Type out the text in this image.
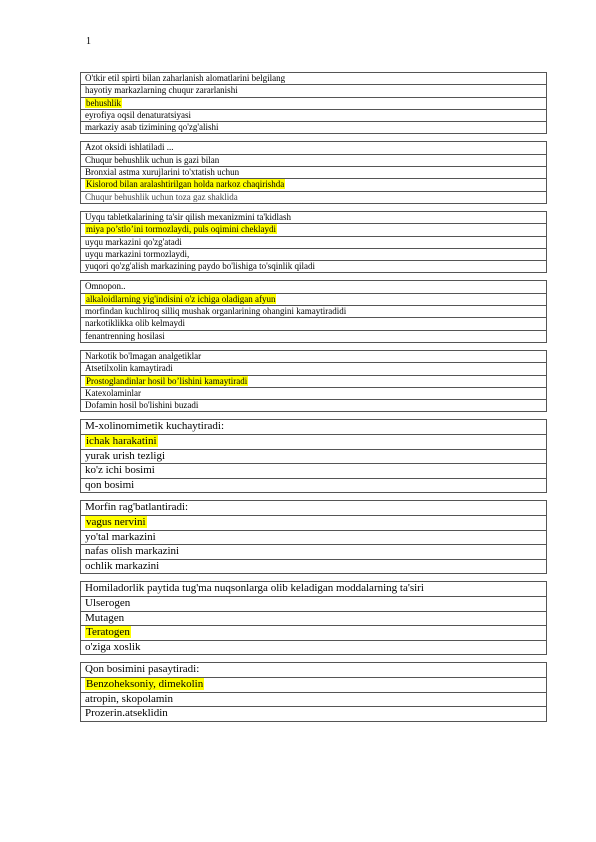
1
O'tkir etil spirti bilan zaharlanish alomatlarini belgilang
hayotiy markazlarning chuqur zararlanishi
behushlik
eyrofiya oqsil denaturatsiyasi
markaziy asab tizimining qo'zg'alishi
Azot oksidi ishlatiladi ...
Chuqur behushlik uchun is gazi bilan
Bronxial astma xurujlarini to'xtatish uchun
Kislorod bilan aralashtirilgan holda narkoz chaqirishda
Chuqur behushlik uchun toza gaz shaklida
Uyqu tabletkalarining ta'sir qilish mexanizmini ta'kidlash
miya po’stlo’ini tormozlaydi, puls oqimini cheklaydi
uyqu markazini qo'zg'atadi
uyqu markazini tormozlaydi,
yuqori qo'zg'alish markazining paydo bo'lishiga to'sqinlik qiladi
Omnopon..
alkaloidlarning yig'indisini o'z ichiga oladigan afyun
morfindan kuchliroq silliq mushak organlarining ohangini kamaytiradidi
narkotiklikka olib kelmaydi
fenantrenning hosilasi
Narkotik bo'lmagan analgetiklar
Atsetilxolin kamaytiradi
Prostoglandinlar hosil bo’lishini kamaytiradi
Katexolaminlar
Dofamin hosil bo'lishini buzadi
M-xolinomimetik kuchaytiradi:
ichak harakatini
yurak urish tezligi
ko'z ichi bosimi
qon bosimi
Morfin rag'batlantiradi:
vagus nervini
yo'tal markazini
nafas olish markazini
ochlik markazini
Homiladorlik paytida tug'ma nuqsonlarga olib keladigan moddalarning ta'siri
Ulserogen
Mutagen
Teratogen
o'ziga xoslik
Qon bosimini pasaytiradi:
Benzoheksoniy, dimekolin
atropin, skopolamin
Prozerin.atseklidin
